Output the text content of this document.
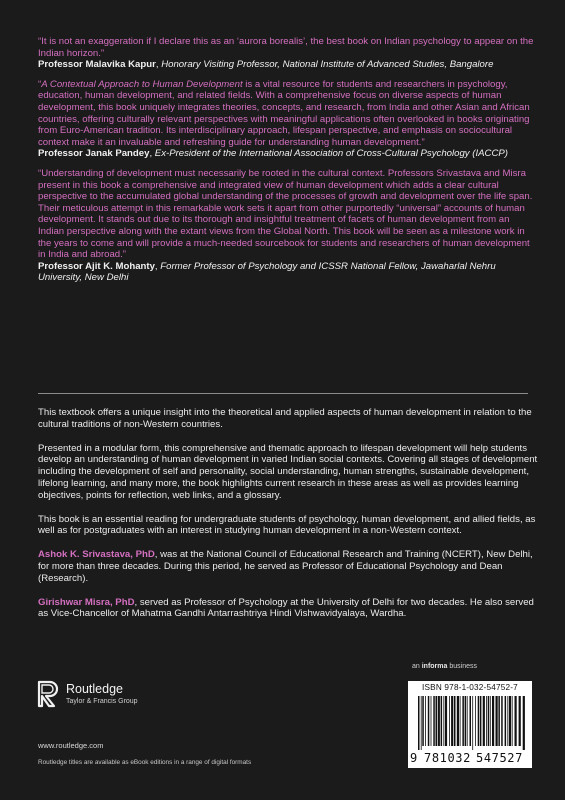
“It is not an exaggeration if I declare this as an ‘aurora borealis’, the best book on Indian psychology to appear on the Indian horizon.”
Professor Malavika Kapur, Honorary Visiting Professor, National Institute of Advanced Studies, Bangalore
“A Contextual Approach to Human Development is a vital resource for students and researchers in psychology, education, human development, and related fields. With a comprehensive focus on diverse aspects of human development, this book uniquely integrates theories, concepts, and research, from India and other Asian and African countries, offering culturally relevant perspectives with meaningful applications often overlooked in books originating from Euro-American tradition. Its interdisciplinary approach, lifespan perspective, and emphasis on sociocultural context make it an invaluable and refreshing guide for understanding human development.”
Professor Janak Pandey, Ex-President of the International Association of Cross-Cultural Psychology (IACCP)
“Understanding of development must necessarily be rooted in the cultural context. Professors Srivastava and Misra present in this book a comprehensive and integrated view of human development which adds a clear cultural perspective to the accumulated global understanding of the processes of growth and development over the life span. Their meticulous attempt in this remarkable work sets it apart from other purportedly “universal” accounts of human development. It stands out due to its thorough and insightful treatment of facets of human development from an Indian perspective along with the extant views from the Global North. This book will be seen as a milestone work in the years to come and will provide a much-needed sourcebook for students and researchers of human development in India and abroad.”
Professor Ajit K. Mohanty, Former Professor of Psychology and ICSSR National Fellow, Jawaharlal Nehru University, New Delhi

This textbook offers a unique insight into the theoretical and applied aspects of human development in relation to the cultural traditions of non-Western countries.

Presented in a modular form, this comprehensive and thematic approach to lifespan development will help students develop an understanding of human development in varied Indian social contexts. Covering all stages of development including the development of self and personality, social understanding, human strengths, sustainable development, lifelong learning, and many more, the book highlights current research in these areas as well as provides learning objectives, points for reflection, web links, and a glossary.

This book is an essential reading for undergraduate students of psychology, human development, and allied fields, as well as for postgraduates with an interest in studying human development in a non-Western context.

Ashok K. Srivastava, PhD, was at the National Council of Educational Research and Training (NCERT), New Delhi, for more than three decades. During this period, he served as Professor of Educational Psychology and Dean (Research).

Girishwar Misra, PhD, served as Professor of Psychology at the University of Delhi for two decades. He also served as Vice-Chancellor of Mahatma Gandhi Antarrashtriya Hindi Vishwavidyalaya, Wardha.

an informa business
Routledge
Taylor & Francis Group
www.routledge.com
Routledge titles are available as eBook editions in a range of digital formats
ISBN 978-1-032-54752-7
9 781032 547527
